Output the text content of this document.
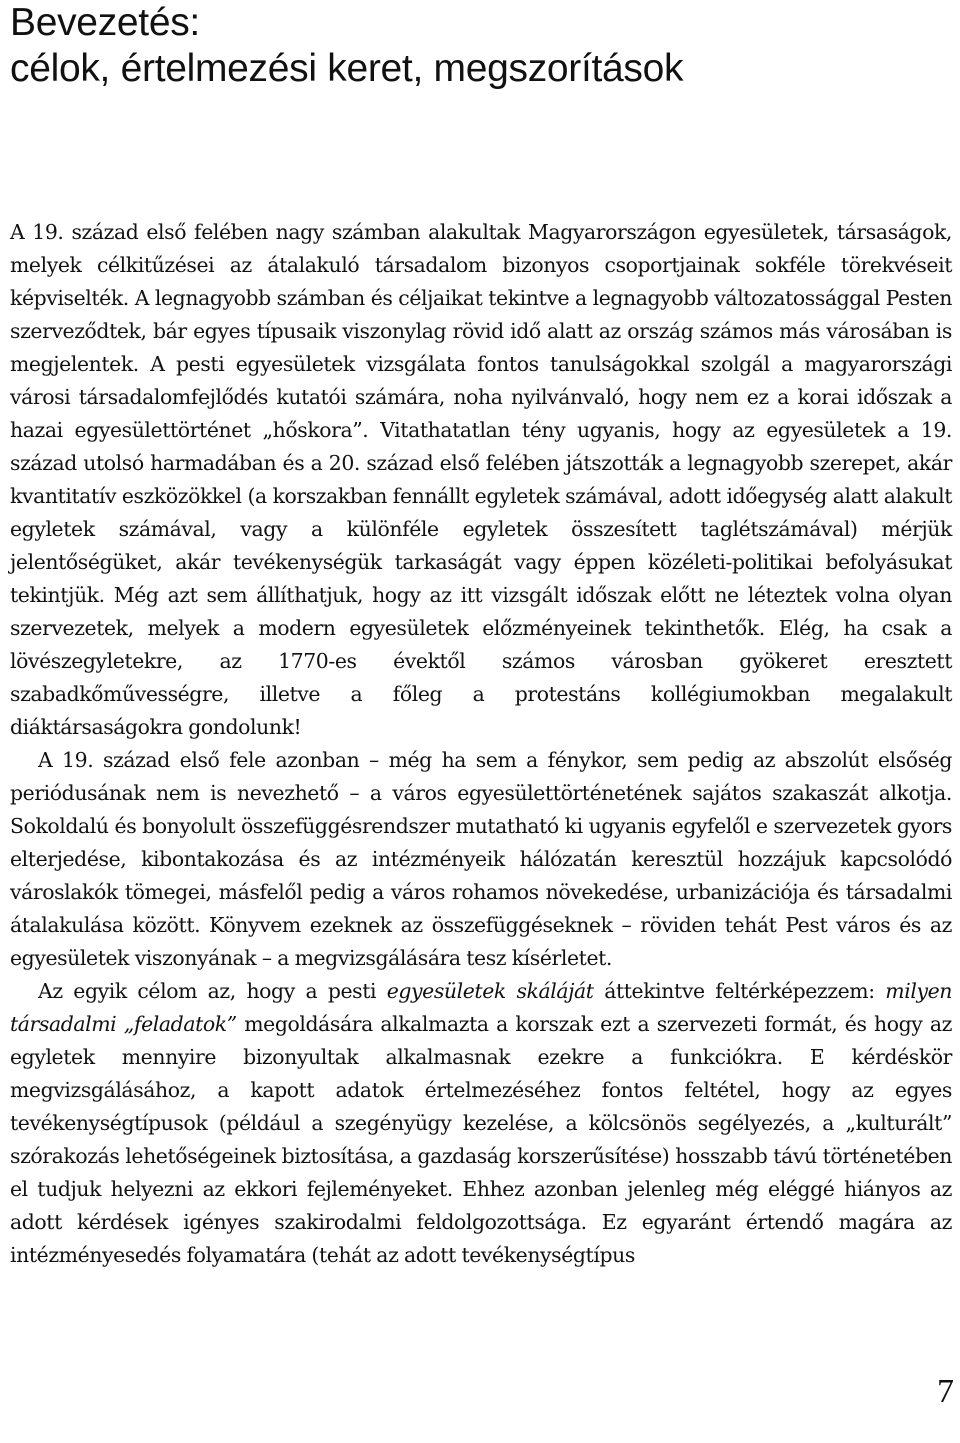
Bevezetés:
célok, értelmezési keret, megszorítások

A 19. század első felében nagy számban alakultak Magyarországon egyesületek, társaságok, melyek célkitűzései az átalakuló társadalom bizonyos csoportjainak sokféle törekvéseit képviselték. A legnagyobb számban és céljaikat tekintve a legnagyobb változatossággal Pesten szerveződtek, bár egyes típusaik viszonylag rövid idő alatt az ország számos más városában is megjelentek. A pesti egyesületek vizsgálata fontos tanulságokkal szolgál a magyarországi városi társadalomfejlődés kutatói számára, noha nyilvánvaló, hogy nem ez a korai időszak a hazai egyesülettörténet „hőskora”. Vitathatatlan tény ugyanis, hogy az egyesületek a 19. század utolsó harmadában és a 20. század első felében játszották a legnagyobb szerepet, akár kvantitatív eszközökkel (a korszakban fennállt egyletek számával, adott időegység alatt alakult egyletek számával, vagy a különféle egyletek összesített taglétszámával) mérjük jelentőségüket, akár tevékenységük tarkaságát vagy éppen közéleti-politikai befolyásukat tekintjük. Még azt sem állíthatjuk, hogy az itt vizsgált időszak előtt ne léteztek volna olyan szervezetek, melyek a modern egyesületek előzményeinek tekinthetők. Elég, ha csak a lövészegyletekre, az 1770-es évektől számos városban gyökeret eresztett szabadkőművességre, illetve a főleg a protestáns kollégiumokban megalakult diáktársaságokra gondolunk!

A 19. század első fele azonban – még ha sem a fénykor, sem pedig az abszolút elsőség periódusának nem is nevezhető – a város egyesülettörténetének sajátos szakaszát alkotja. Sokoldalú és bonyolult összefüggésrendszer mutatható ki ugyanis egyfelől e szervezetek gyors elterjedése, kibontakozása és az intézményeik hálózatán keresztül hozzájuk kapcsolódó városlakók tömegei, másfelől pedig a város rohamos növekedése, urbanizációja és társadalmi átalakulása között. Könyvem ezeknek az összefüggéseknek – röviden tehát Pest város és az egyesületek viszonyának – a megvizsgálására tesz kísérletet.

Az egyik célom az, hogy a pesti egyesületek skáláját áttekintve feltérképezzem: milyen társadalmi „feladatok” megoldására alkalmazta a korszak ezt a szervezeti formát, és hogy az egyletek mennyire bizonyultak alkalmasnak ezekre a funkciókra. E kérdéskör megvizsgálásához, a kapott adatok értelmezéséhez fontos feltétel, hogy az egyes tevékenységtípusok (például a szegényügy kezelése, a kölcsönös segélyezés, a „kulturált” szórakozás lehetőségeinek biztosítása, a gazdaság korszerűsítése) hosszabb távú történetében el tudjuk helyezni az ekkori fejleményeket. Ehhez azonban jelenleg még eléggé hiányos az adott kérdések igényes szakirodalmi feldolgozottsága. Ez egyaránt értendő magára az intézményesedés folyamatára (tehát az adott tevékenységtípus

7
